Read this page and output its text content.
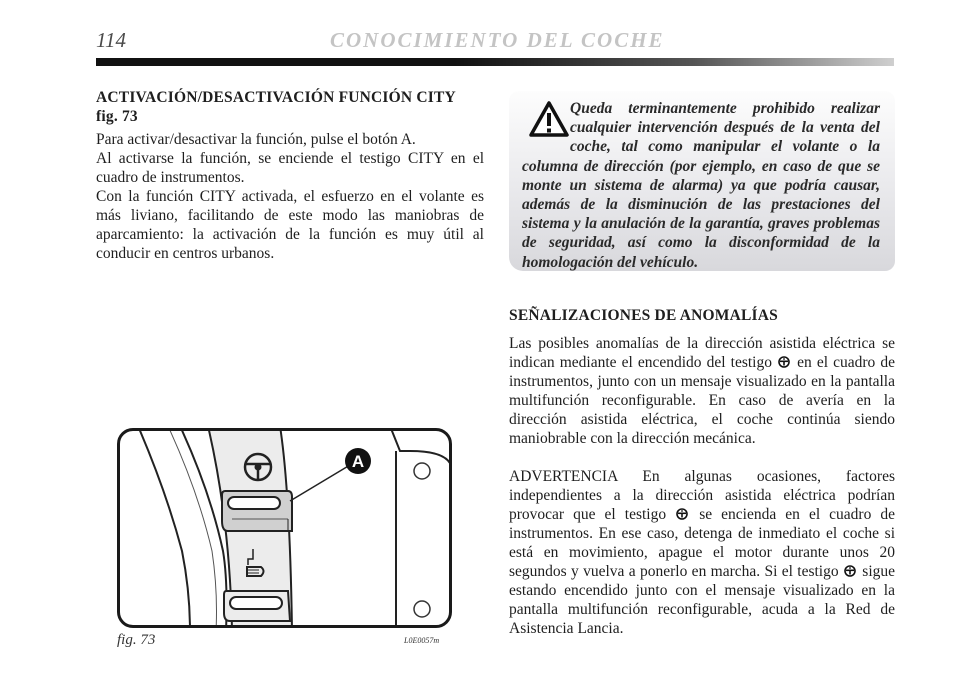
114	CONOCIMIENTO DEL COCHE
ACTIVACIÓN/DESACTIVACIÓN FUNCIÓN CITY
fig. 73

Para activar/desactivar la función, pulse el botón A.

Al activarse la función, se enciende el testigo CITY en el cuadro de instrumentos.

Con la función CITY activada, el esfuerzo en el volante es más liviano, facilitando de este modo las maniobras de aparcamiento: la activación de la función es muy útil al conducir en centros urbanos.

Queda terminantemente prohibido realizar cualquier intervención después de la venta del coche, tal como manipular el volante o la columna de dirección (por ejemplo, en caso de que se monte un sistema de alarma) ya que podría causar, además de la disminución de las prestaciones del sistema y la anulación de la garantía, graves problemas de seguridad, así como la disconformidad de la homologación del vehículo.
SEÑALIZACIONES DE ANOMALÍAS

Las posibles anomalías de la dirección asistida eléctrica se indican mediante el encendido del testigo en el cuadro de instrumentos, junto con un mensaje visualizado en la pantalla multifunción reconfigurable. En caso de avería en la dirección asistida eléctrica, el coche continúa siendo maniobrable con la dirección mecánica.

ADVERTENCIA En algunas ocasiones, factores independientes a la dirección asistida eléctrica podrían provocar que el testigo se encienda en el cuadro de instrumentos. En ese caso, detenga de inmediato el coche si está en movimiento, apague el motor durante unos 20 segundos y vuelva a ponerlo en marcha. Si el testigo sigue estando encendido junto con el mensaje visualizado en la pantalla multifunción reconfigurable, acuda a la Red de Asistencia Lancia.

A
fig. 73	L0E0057m
